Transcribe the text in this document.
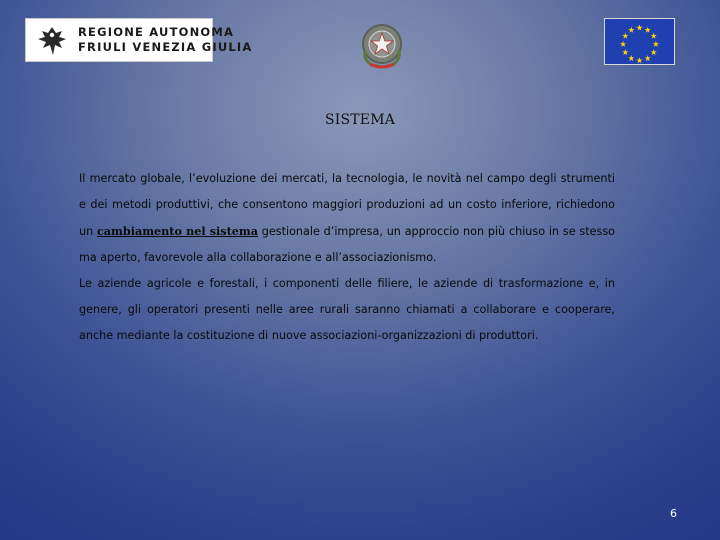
REGIONE AUTONOMA
FRIULI VENEZIA GIULIA
SISTEMA

Il mercato globale, l’evoluzione dei mercati, la tecnologia, le novità nel campo degli strumenti e dei metodi produttivi, che consentono maggiori produzioni ad un costo inferiore, richiedono un cambiamento nel sistema gestionale d’impresa, un approccio non più chiuso in se stesso ma aperto, favorevole alla collaborazione e all’associazionismo.

Le aziende agricole e forestali, i componenti delle filiere, le aziende di trasformazione e, in genere, gli operatori presenti nelle aree rurali saranno chiamati a collaborare e cooperare, anche mediante la costituzione di nuove associazioni-organizzazioni di produttori.

6
